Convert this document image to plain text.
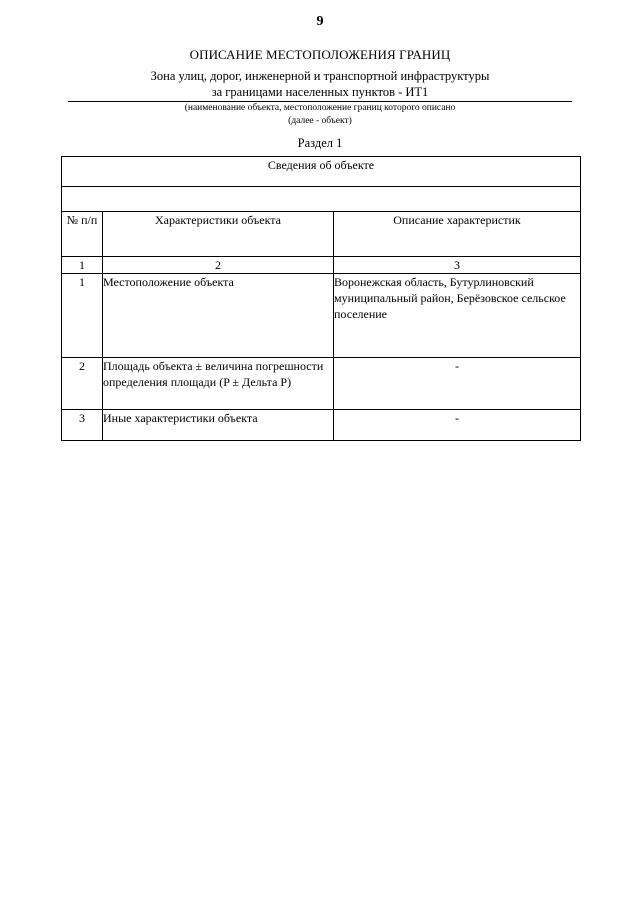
9
ОПИСАНИЕ МЕСТОПОЛОЖЕНИЯ ГРАНИЦ
Зона улиц, дорог, инженерной и транспортной инфраструктуры
за границами населенных пунктов - ИТ1
(наименование объекта, местоположение границ которого описано
(далее - объект)
Раздел 1
Сведения об объекте		

№ п/п	Характеристики объекта	Описание характеристик
1	2	3
1	Местоположение объекта	Воронежская область, Бутурлиновский муниципальный район, Берёзовское сельское поселение
2	Площадь объекта ± величина погрешности определения площади (P ± Дельта P)	-
3	Иные характеристики объекта	-
